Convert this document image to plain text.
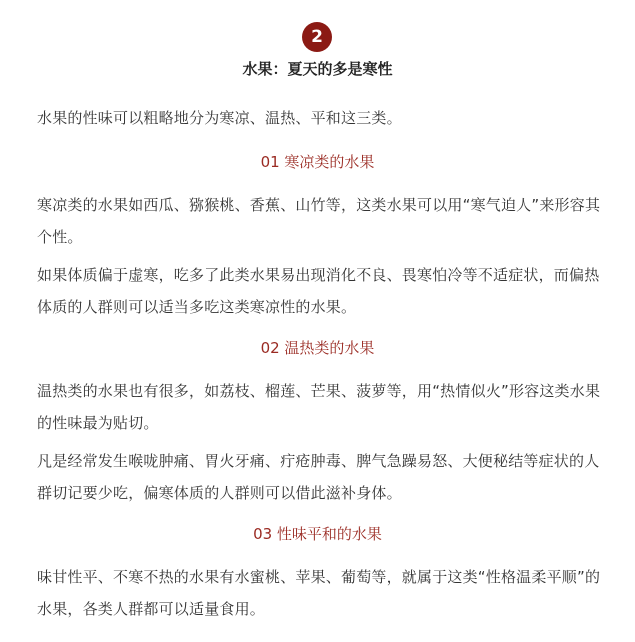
2
水果：夏天的多是寒性

水果的性味可以粗略地分为寒凉、温热、平和这三类。

01 寒凉类的水果

寒凉类的水果如西瓜、猕猴桃、香蕉、山竹等，这类水果可以用“寒气迫人”来形容其个性。

如果体质偏于虚寒，吃多了此类水果易出现消化不良、畏寒怕冷等不适症状，而偏热体质的人群则可以适当多吃这类寒凉性的水果。

02 温热类的水果

温热类的水果也有很多，如荔枝、榴莲、芒果、菠萝等，用“热情似火”形容这类水果的性味最为贴切。

凡是经常发生喉咙肿痛、胃火牙痛、疔疮肿毒、脾气急躁易怒、大便秘结等症状的人群切记要少吃，偏寒体质的人群则可以借此滋补身体。

03 性味平和的水果

味甘性平、不寒不热的水果有水蜜桃、苹果、葡萄等，就属于这类“性格温柔平顺”的水果，各类人群都可以适量食用。
